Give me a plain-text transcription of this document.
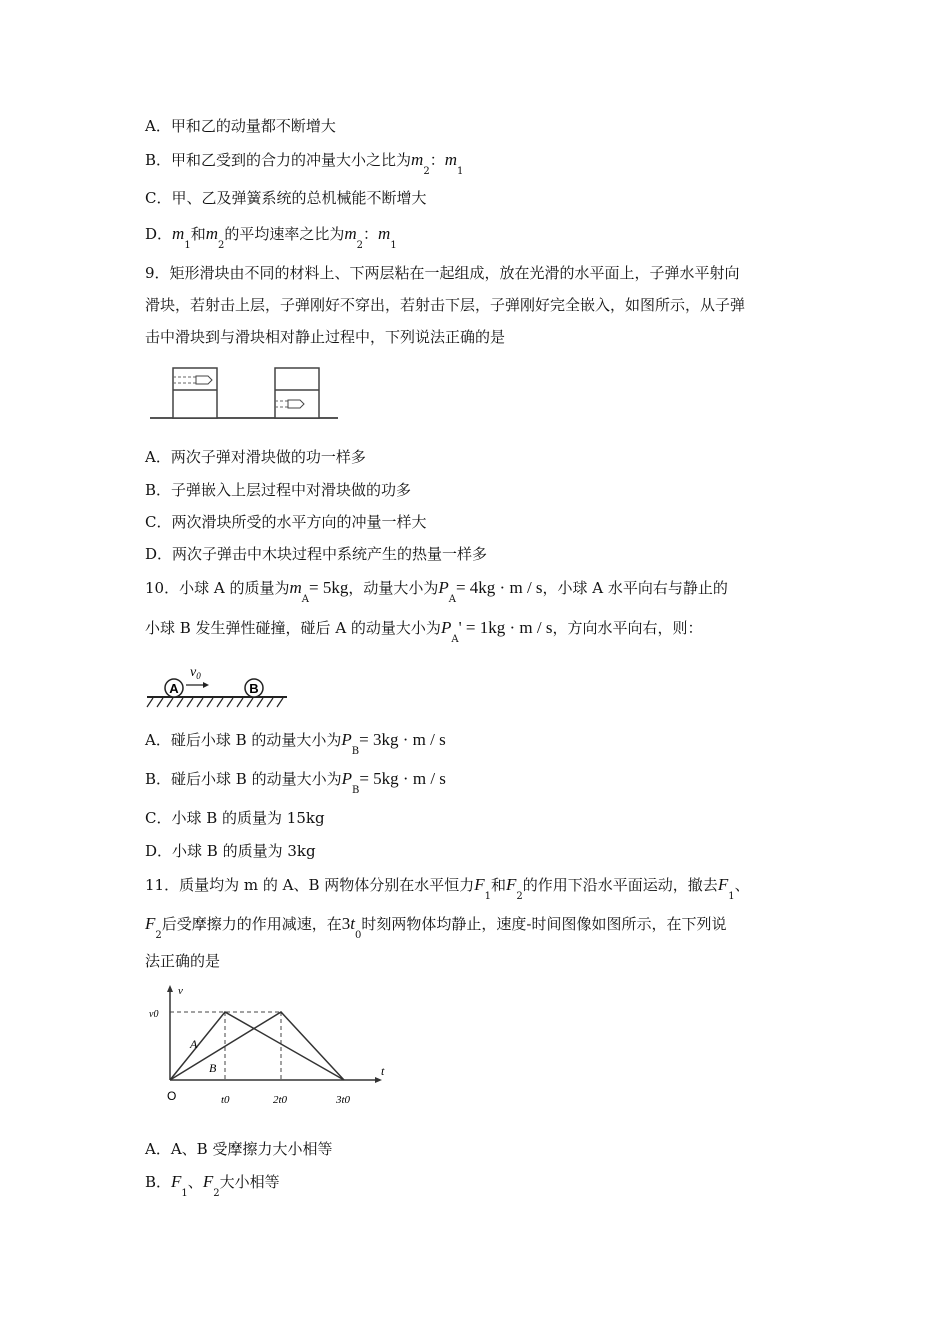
A．甲和乙的动量都不断增大
B．甲和乙受到的合力的冲量大小之比为$m_2$：$m_1$
C．甲、乙及弹簧系统的总机械能不断增大
D．$m_1$和$m_2$的平均速率之比为$m_2$：$m_1$
9．矩形滑块由不同的材料上、下两层粘在一起组成，放在光滑的水平面上，子弹水平射向
滑块，若射击上层，子弹刚好不穿出，若射击下层，子弹刚好完全嵌入，如图所示，从子弹
击中滑块到与滑块相对静止过程中，下列说法正确的是
A．两次子弹对滑块做的功一样多
B．子弹嵌入上层过程中对滑块做的功多
C．两次滑块所受的水平方向的冲量一样大
D．两次子弹击中木块过程中系统产生的热量一样多
10．小球 A 的质量为$m_A= 5kg$，动量大小为$P_A= 4kg \cdot m / s$，小球 A 水平向右与静止的
小球 B 发生弹性碰撞，碰后 A 的动量大小为$P_A' = 1kg \cdot m / s$，方向水平向右，则：
A	B
$v_0$
A．碰后小球 B 的动量大小为$P_B= 3kg \cdot m / s$
B．碰后小球 B 的动量大小为$P_B= 5kg \cdot m / s$
C．小球 B 的质量为 15kg
D．小球 B 的质量为 3kg
11．质量均为 m 的 A、B 两物体分别在水平恒力$F_1$和$F_2$的作用下沿水平面运动，撤去$F_1$、
$F_2$后受摩擦力的作用减速，在$3t_0$时刻两物体均静止，速度-时间图像如图所示，在下列说
法正确的是
v
t
O
v0
t0	2t0	3t0
A
B
A．A、B 受摩擦力大小相等
B．$F_1$、$F_2$大小相等
